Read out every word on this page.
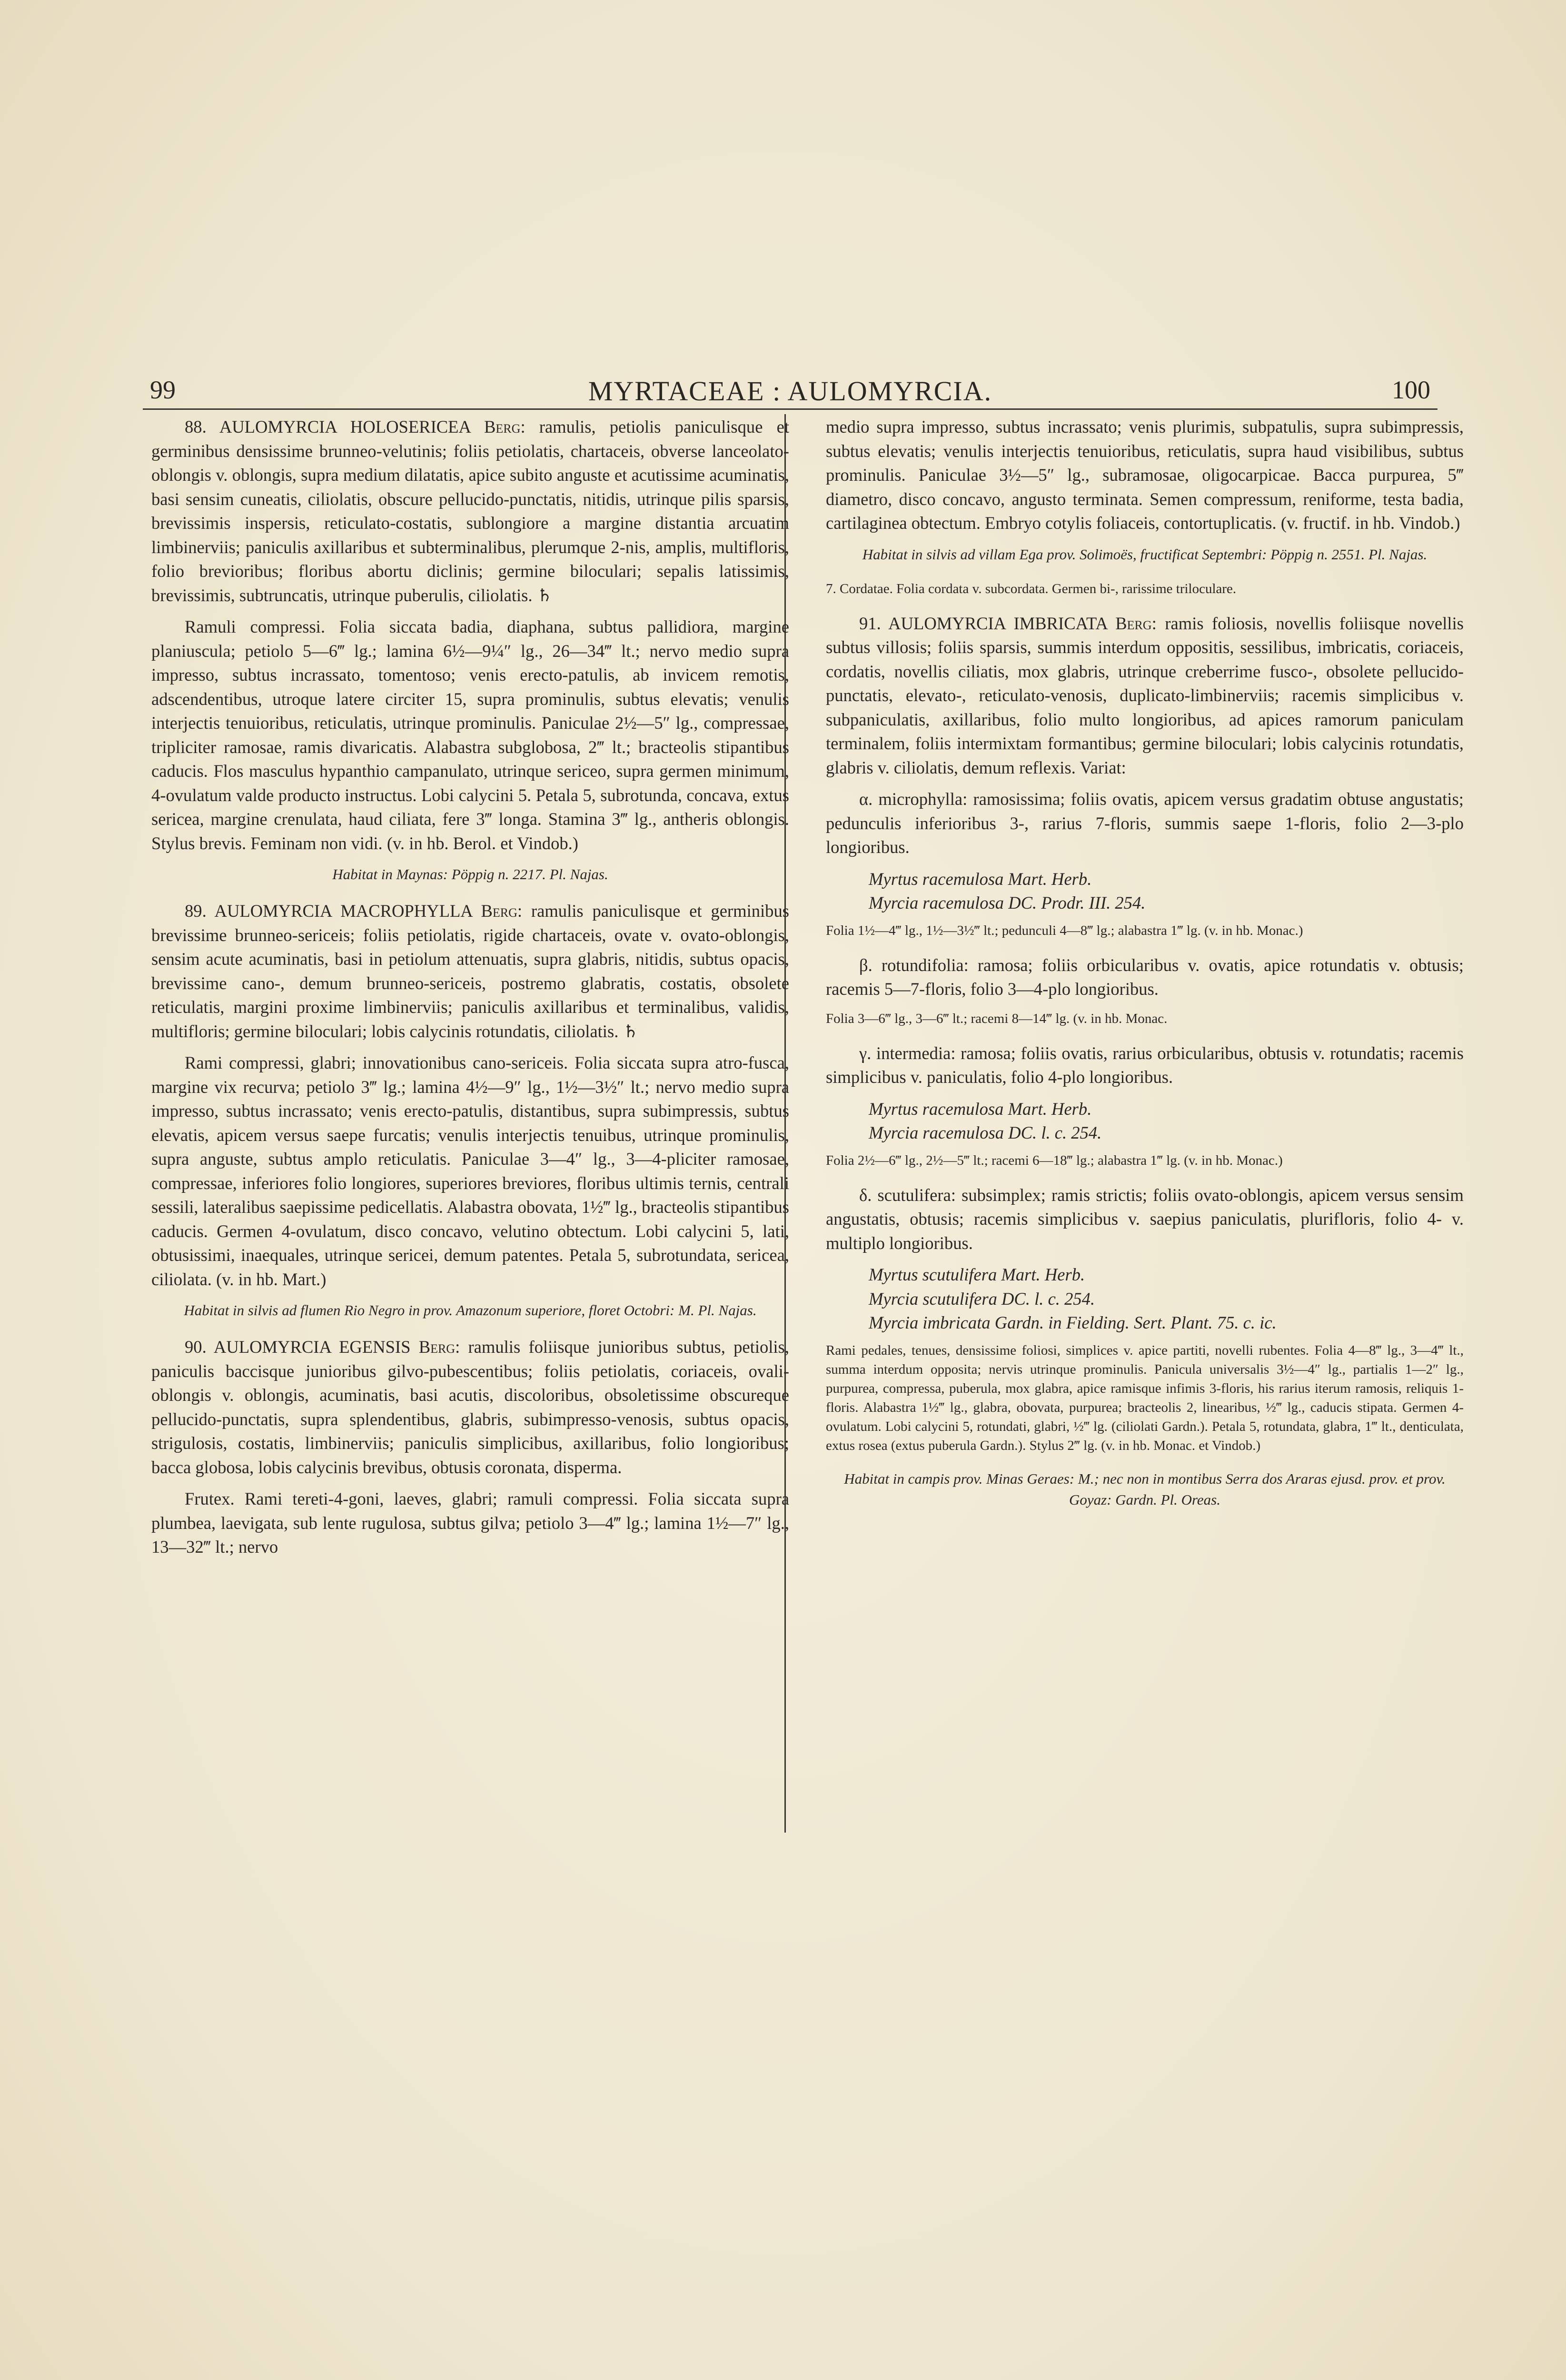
99	MYRTACEAE : AULOMYRCIA.	100

88. AULOMYRCIA HOLOSERICEA Berg: ramulis, petiolis paniculisque et germinibus densissime brunneo-velutinis; foliis petiolatis, chartaceis, obverse lanceolato-oblongis v. oblongis, supra medium dilatatis, apice subito anguste et acutissime acuminatis, basi sensim cuneatis, ciliolatis, obscure pellucido-punctatis, nitidis, utrinque pilis sparsis, brevissimis inspersis, reticulato-costatis, sublongiore a margine distantia arcuatim limbinerviis; paniculis axillaribus et subterminalibus, plerumque 2-nis, amplis, multifloris, folio brevioribus; floribus abortu diclinis; germine biloculari; sepalis latissimis, brevissimis, subtruncatis, utrinque puberulis, ciliolatis. ♄

Ramuli compressi. Folia siccata badia, diaphana, subtus pallidiora, margine planiuscula; petiolo 5—6‴ lg.; lamina 6½—9¼″ lg., 26—34‴ lt.; nervo medio supra impresso, subtus incrassato, tomentoso; venis erecto-patulis, ab invicem remotis, adscendentibus, utroque latere circiter 15, supra prominulis, subtus elevatis; venulis interjectis tenuioribus, reticulatis, utrinque prominulis. Paniculae 2½—5″ lg., compressae, tripliciter ramosae, ramis divaricatis. Alabastra subglobosa, 2‴ lt.; bracteolis stipantibus caducis. Flos masculus hypanthio campanulato, utrinque sericeo, supra germen minimum, 4-ovulatum valde producto instructus. Lobi calycini 5. Petala 5, subrotunda, concava, extus sericea, margine crenulata, haud ciliata, fere 3‴ longa. Stamina 3‴ lg., antheris oblongis. Stylus brevis. Feminam non vidi. (v. in hb. Berol. et Vindob.)

Habitat in Maynas: Pöppig n. 2217. Pl. Najas.

89. AULOMYRCIA MACROPHYLLA Berg: ramulis paniculisque et germinibus brevissime brunneo-sericeis; foliis petiolatis, rigide chartaceis, ovate v. ovato-oblongis, sensim acute acuminatis, basi in petiolum attenuatis, supra glabris, nitidis, subtus opacis, brevissime cano-, demum brunneo-sericeis, postremo glabratis, costatis, obsolete reticulatis, margini proxime limbinerviis; paniculis axillaribus et terminalibus, validis, multifloris; germine biloculari; lobis calycinis rotundatis, ciliolatis. ♄

Rami compressi, glabri; innovationibus cano-sericeis. Folia siccata supra atro-fusca, margine vix recurva; petiolo 3‴ lg.; lamina 4½—9″ lg., 1½—3½″ lt.; nervo medio supra impresso, subtus incrassato; venis erecto-patulis, distantibus, supra subimpressis, subtus elevatis, apicem versus saepe furcatis; venulis interjectis tenuibus, utrinque prominulis, supra anguste, subtus amplo reticulatis. Paniculae 3—4″ lg., 3—4-pliciter ramosae, compressae, inferiores folio longiores, superiores breviores, floribus ultimis ternis, centrali sessili, lateralibus saepissime pedicellatis. Alabastra obovata, 1½‴ lg., bracteolis stipantibus caducis. Germen 4-ovulatum, disco concavo, velutino obtectum. Lobi calycini 5, lati, obtusissimi, inaequales, utrinque sericei, demum patentes. Petala 5, subrotundata, sericea, ciliolata. (v. in hb. Mart.)

Habitat in silvis ad flumen Rio Negro in prov. Amazonum superiore, floret Octobri: M. Pl. Najas.

90. AULOMYRCIA EGENSIS Berg: ramulis foliisque junioribus subtus, petiolis, paniculis baccisque junioribus gilvo-pubescentibus; foliis petiolatis, coriaceis, ovali-oblongis v. oblongis, acuminatis, basi acutis, discoloribus, obsoletissime obscureque pellucido-punctatis, supra splendentibus, glabris, subimpresso-venosis, subtus opacis, strigulosis, costatis, limbinerviis; paniculis simplicibus, axillaribus, folio longioribus; bacca globosa, lobis calycinis brevibus, obtusis coronata, disperma.

Frutex. Rami tereti-4-goni, laeves, glabri; ramuli compressi. Folia siccata supra plumbea, laevigata, sub lente rugulosa, subtus gilva; petiolo 3—4‴ lg.; lamina 1½—7″ lg., 13—32‴ lt.; nervo

medio supra impresso, subtus incrassato; venis plurimis, subpatulis, supra subimpressis, subtus elevatis; venulis interjectis tenuioribus, reticulatis, supra haud visibilibus, subtus prominulis. Paniculae 3½—5″ lg., subramosae, oligocarpicae. Bacca purpurea, 5‴ diametro, disco concavo, angusto terminata. Semen compressum, reniforme, testa badia, cartilaginea obtectum. Embryo cotylis foliaceis, contortuplicatis. (v. fructif. in hb. Vindob.)

Habitat in silvis ad villam Ega prov. Solimoës, fructificat Septembri: Pöppig n. 2551. Pl. Najas.

7. Cordatae. Folia cordata v. subcordata. Germen bi-, rarissime triloculare.

91. AULOMYRCIA IMBRICATA Berg: ramis foliosis, novellis foliisque novellis subtus villosis; foliis sparsis, summis interdum oppositis, sessilibus, imbricatis, coriaceis, cordatis, novellis ciliatis, mox glabris, utrinque creberrime fusco-, obsolete pellucido-punctatis, elevato-, reticulato-venosis, duplicato-limbinerviis; racemis simplicibus v. subpaniculatis, axillaribus, folio multo longioribus, ad apices ramorum paniculam terminalem, foliis intermixtam formantibus; germine biloculari; lobis calycinis rotundatis, glabris v. ciliolatis, demum reflexis. Variat:

α. microphylla: ramosissima; foliis ovatis, apicem versus gradatim obtuse angustatis; pedunculis inferioribus 3-, rarius 7-floris, summis saepe 1-floris, folio 2—3-plo longioribus.

Myrtus racemulosa Mart. Herb.

Myrcia racemulosa DC. Prodr. III. 254.

Folia 1½—4‴ lg., 1½—3½‴ lt.; pedunculi 4—8‴ lg.; alabastra 1‴ lg. (v. in hb. Monac.)

β. rotundifolia: ramosa; foliis orbicularibus v. ovatis, apice rotundatis v. obtusis; racemis 5—7-floris, folio 3—4-plo longioribus.

Folia 3—6‴ lg., 3—6‴ lt.; racemi 8—14‴ lg. (v. in hb. Monac.

γ. intermedia: ramosa; foliis ovatis, rarius orbicularibus, obtusis v. rotundatis; racemis simplicibus v. paniculatis, folio 4-plo longioribus.

Myrtus racemulosa Mart. Herb.

Myrcia racemulosa DC. l. c. 254.

Folia 2½—6‴ lg., 2½—5‴ lt.; racemi 6—18‴ lg.; alabastra 1‴ lg. (v. in hb. Monac.)

δ. scutulifera: subsimplex; ramis strictis; foliis ovato-oblongis, apicem versus sensim angustatis, obtusis; racemis simplicibus v. saepius paniculatis, plurifloris, folio 4- v. multiplo longioribus.

Myrtus scutulifera Mart. Herb.

Myrcia scutulifera DC. l. c. 254.

Myrcia imbricata Gardn. in Fielding. Sert. Plant. 75. c. ic.

Rami pedales, tenues, densissime foliosi, simplices v. apice partiti, novelli rubentes. Folia 4—8‴ lg., 3—4‴ lt., summa interdum opposita; nervis utrinque prominulis. Panicula universalis 3½—4″ lg., partialis 1—2″ lg., purpurea, compressa, puberula, mox glabra, apice ramisque infimis 3-floris, his rarius iterum ramosis, reliquis 1-floris. Alabastra 1½‴ lg., glabra, obovata, purpurea; bracteolis 2, linearibus, ½‴ lg., caducis stipata. Germen 4-ovulatum. Lobi calycini 5, rotundati, glabri, ½‴ lg. (ciliolati Gardn.). Petala 5, rotundata, glabra, 1‴ lt., denticulata, extus rosea (extus puberula Gardn.). Stylus 2‴ lg. (v. in hb. Monac. et Vindob.)

Habitat in campis prov. Minas Geraes: M.; nec non in montibus Serra dos Araras ejusd. prov. et prov. Goyaz: Gardn. Pl. Oreas.
